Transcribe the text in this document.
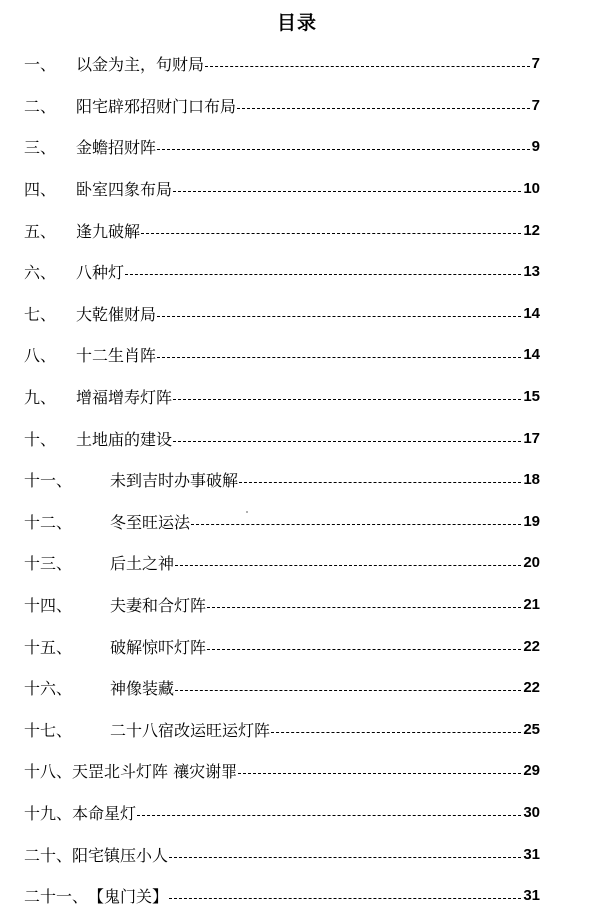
目录
一、	以金为主，句财局	7
二、	阳宅辟邪招财门口布局	7
三、	金蟾招财阵	9
四、	卧室四象布局	10
五、	逢九破解	12
六、	八种灯	13
七、	大乾催财局	14
八、	十二生肖阵	14
九、	增福增寿灯阵	15
十、	土地庙的建设	17
十一、	未到吉时办事破解	18
十二、	冬至旺运法	19
十三、	后土之神	20
十四、	夫妻和合灯阵	21
十五、	破解惊吓灯阵	22
十六、	神像装藏	22
十七、	二十八宿改运旺运灯阵	25
十八、 天罡北斗灯阵 禳灾谢罪	29
十九、 本命星灯	30
二十、 阳宅镇压小人	31
二十一、 【鬼门关】	31
